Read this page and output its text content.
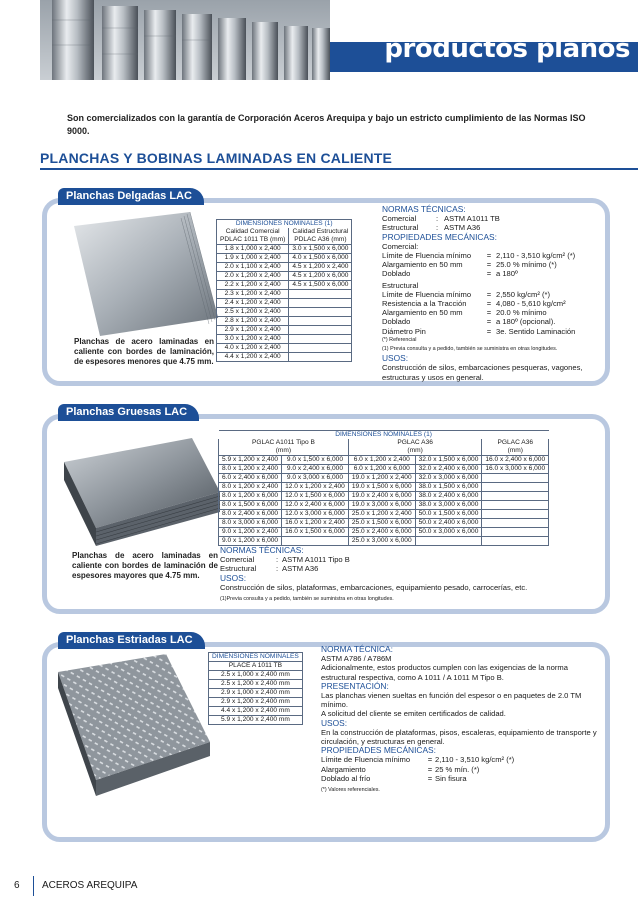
productos planos

Son comercializados con la garantía de Corporación Aceros Arequipa y bajo un estricto cumplimiento de las Normas ISO 9000.

PLANCHAS Y BOBINAS LAMINADAS EN CALIENTE
Planchas Delgadas LAC

Planchas de acero laminadas en caliente con bordes de laminación, de espesores menores que 4.75 mm.

DIMENSIONES NOMINALES (1)	
Calidad Comercial	Calidad Estructural
PDLAC 1011 TB (mm)	PDLAC A36 (mm)
1.8 x 1,000 x 2,400	3.0 x 1,500 x 6,000
1.9 x 1,000 x 2,400	4.0 x 1,500 x 6,000
2.0 x 1,100 x 2,400	4.5 x 1,200 x 2,400
2.0 x 1,200 x 2,400	4.5 x 1,200 x 6,000
2.2 x 1,200 x 2,400	4.5 x 1,500 x 6,000
2.3 x 1,200 x 2,400	
2.4 x 1,200 x 2,400	
2.5 x 1,200 x 2,400	
2.8 x 1,200 x 2,400	
2.9 x 1,200 x 2,400	
3.0 x 1,200 x 2,400	
4.0 x 1,200 x 2,400	
4.4 x 1,200 x 2,400	
NORMAS TÉCNICAS:
Comercial	: ASTM A1011 TB
Estructural	: ASTM A36
PROPIEDADES MECÁNICAS:
Comercial:
Límite de Fluencia mínimo	= 2,110 - 3,510 kg/cm² (*)
Alargamiento en 50 mm	= 25.0 % mínimo (*)
Doblado	= a 180º
Estructural
Límite de Fluencia mínimo	= 2,550 kg/cm² (*)
Resistencia a la Tracción	= 4,080 - 5,610 kg/cm²
Alargamiento en 50 mm	= 20.0 % mínimo
Doblado	= a 180º (opcional).
Diámetro Pin	= 3e. Sentido Laminación
(*) Referencial
(1) Previa consulta y a pedido, también se suministra en otras longitudes.
USOS:
Construcción de silos, embarcaciones pesqueras, vagones, estructuras y usos en general.
Planchas Gruesas LAC

Planchas de acero laminadas en caliente con bordes de laminación de espesores mayores que 4.75 mm.

DIMENSIONES NOMINALES (1)				
PGLAC A1011 Tipo B		PGLAC A36		PGLAC A36
(mm)		(mm)		(mm)
5.9 x 1,200 x 2,400	9.0 x 1,500 x 6,000	6.0 x 1,200 x 2,400	32.0 x 1,500 x 6,000	16.0 x 2,400 x 6,000
8.0 x 1,200 x 2,400	9.0 x 2,400 x 6,000	6.0 x 1,200 x 6,000	32.0 x 2,400 x 6,000	16.0 x 3,000 x 6,000
6.0 x 2,400 x 6,000	9.0 x 3,000 x 6,000	19.0 x 1,200 x 2,400	32.0 x 3,000 x 6,000	
8.0 x 1,200 x 2,400	12.0 x 1,200 x 2,400	19.0 x 1,500 x 6,000	38.0 x 1,500 x 6,000	
8.0 x 1,200 x 6,000	12.0 x 1,500 x 6,000	19.0 x 2,400 x 6,000	38.0 x 2,400 x 6,000	
8.0 x 1,500 x 6,000	12.0 x 2,400 x 6,000	19.0 x 3,000 x 6,000	38.0 x 3,000 x 6,000	
8.0 x 2,400 x 6,000	12.0 x 3,000 x 6,000	25.0 x 1,200 x 2,400	50.0 x 1,500 x 6,000	
8.0 x 3,000 x 6,000	16.0 x 1,200 x 2,400	25.0 x 1,500 x 6,000	50.0 x 2,400 x 6,000	
9.0 x 1,200 x 2,400	16.0 x 1,500 x 6,000	25.0 x 2,400 x 6,000	50.0 x 3,000 x 6,000	
9.0 x 1,200 x 6,000		25.0 x 3,000 x 6,000		
NORMAS TÉCNICAS:
Comercial	: ASTM A1011 Tipo B
Estructural	: ASTM A36
USOS:
Construcción de silos, plataformas, embarcaciones, equipamiento pesado, carrocerías, etc.
(1)Previa consulta y a pedido, también se suministra en otras longitudes.
Planchas Estriadas LAC
DIMENSIONES NOMINALES
PLACE A 1011 TB
2.5 x 1,000 x 2,400 mm
2.5 x 1,200 x 2,400 mm
2.9 x 1,000 x 2,400 mm
2.9 x 1,200 x 2,400 mm
4.4 x 1,200 x 2,400 mm
5.9 x 1,200 x 2,400 mm
NORMA TÉCNICA:
ASTM A786 / A786M
Adicionalmente, estos productos cumplen con las exigencias de la norma estructural respectiva, como A 1011 / A 1011 M Tipo B.
PRESENTACIÓN:
Las planchas vienen sueltas en función del espesor o en paquetes de 2.0 TM mínimo.
A solicitud del cliente se emiten certificados de calidad.
USOS:
En la construcción de plataformas, pisos, escaleras, equipamiento de transporte y circulación, y estructuras en general.
PROPIEDADES MECÁNICAS:
Límite de Fluencia mínimo	= 2,110 - 3,510 kg/cm² (*)
Alargamiento	= 25 % mín. (*)
Doblado al frío	= Sin fisura
(*) Valores referenciales.
6 ACEROS AREQUIPA
